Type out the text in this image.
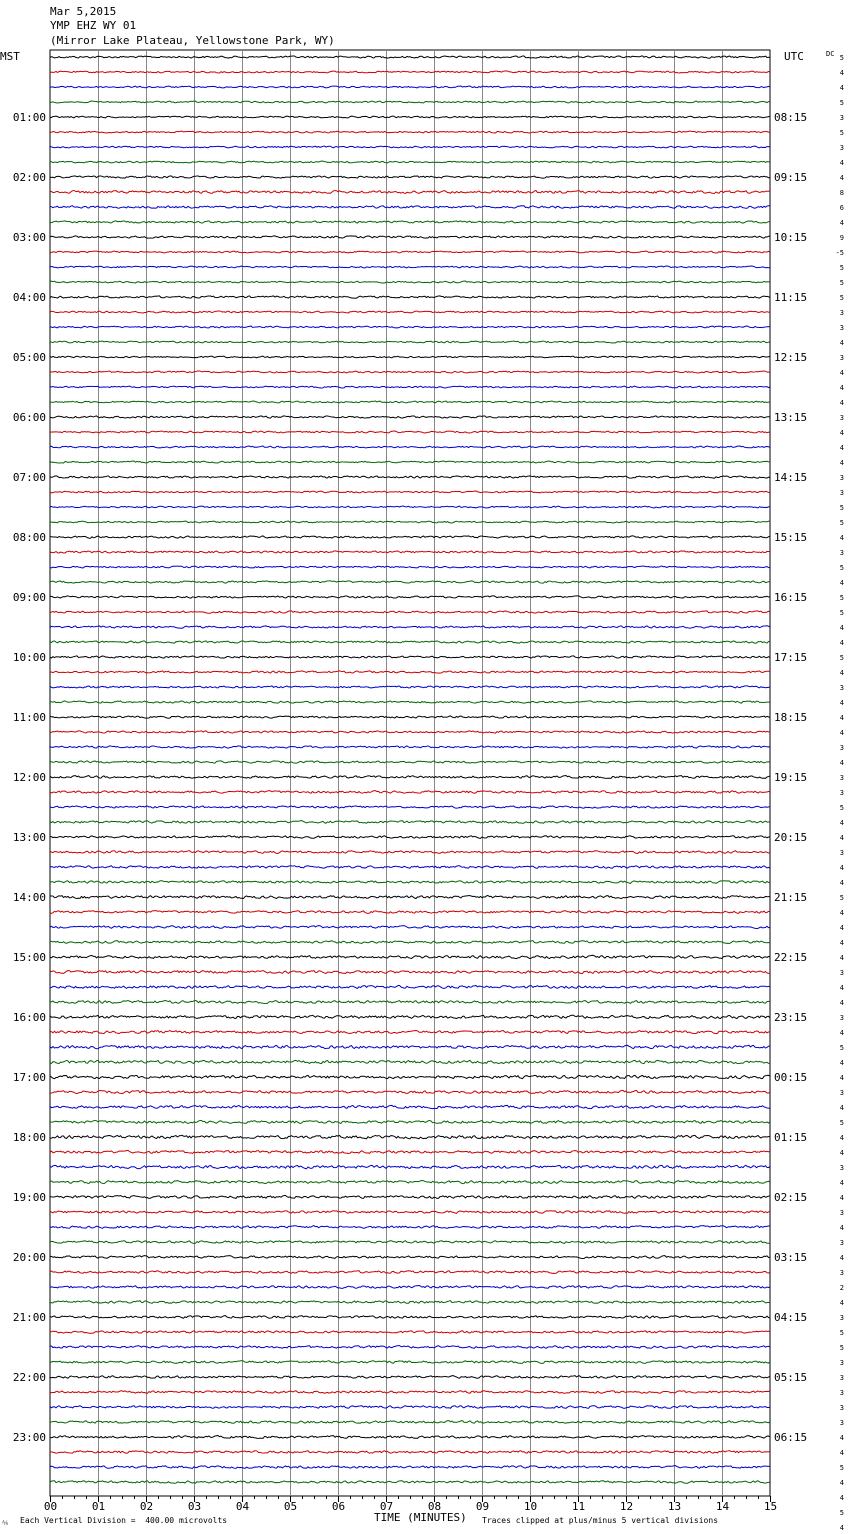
Mar 5,2015
YMP EHZ WY 01
(Mirror Lake Plateau, Yellowstone Park, WY)
MST	UTC	DC
00	01	02	03	04	05	06	07	08	09	10	11	12	13	14	15
01:00
02:00
03:00
04:00
05:00
06:00
07:00
08:00
09:00
10:00
11:00
12:00
13:00
14:00
15:00
16:00
17:00
18:00
19:00
20:00
21:00
22:00
23:00
08:15
09:15
10:15
11:15
12:15
13:15
14:15
15:15
16:15
17:15
18:15
19:15
20:15
21:15
22:15
23:15
00:15
01:15
02:15
03:15
04:15
05:15
06:15
5
4
4
5
3
5
3
4
4
8
6
4
9
-5
5
5
5
3
3
4
3
4
4
4
3
4
4
4
3
3
5
5
4
3
5
4
5
5
4
4
5
4
3
4
4
4
3
4
3
3
5
4
4
3
4
4
5
4
4
4
4
3
4
4
3
4
5
4
4
3
4
5
4
4
3
4
4
3
4
3
4
3
2
4
3
5
5
3
3
3
3
3
4
4
5
4
4
5
4
TIME (MINUTES)
⅍ Each Vertical Division =  400.00 microvolts	Traces clipped at plus/minus 5 vertical divisions
